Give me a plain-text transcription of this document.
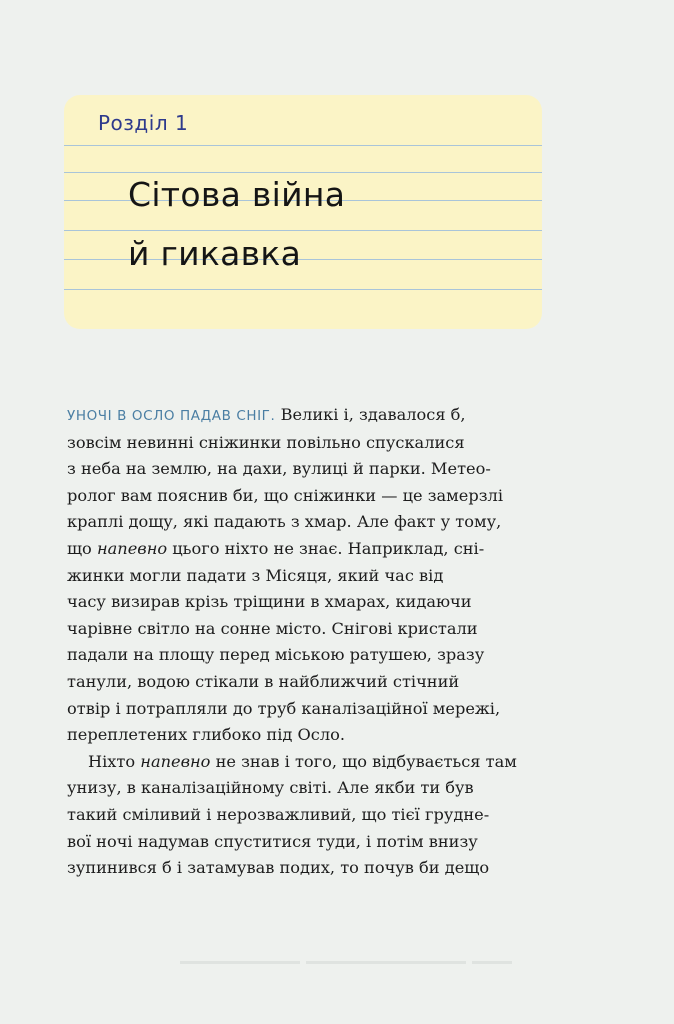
Розділ 1
Сітова війна
й гикавка
УНОЧІ В ОСЛО ПАДАВ СНІГ. Великі і, здавалося б,
зовсім невинні сніжинки повільно спускалися
з неба на землю, на дахи, вулиці й парки. Метео-
ролог вам пояснив би, що сніжинки — це замерзлі
краплі дощу, які падають з хмар. Але факт у тому,
що напевно цього ніхто не знає. Наприклад, сні-
жинки могли падати з Місяця, який час від
часу визирав крізь тріщини в хмарах, кидаючи
чарівне світло на сонне місто. Снігові кристали
падали на площу перед міською ратушею, зразу
танули, водою стікали в найближчий стічний
отвір і потрапляли до труб каналізаційної мережі,
переплетених глибоко під Осло.
Ніхто напевно не знав і того, що відбувається там
унизу, в каналізаційному світі. Але якби ти був
такий сміливий і нерозважливий, що тієї грудне-
вої ночі надумав спуститися туди, і потім внизу
зупинився б і затамував подих, то почув би дещо
